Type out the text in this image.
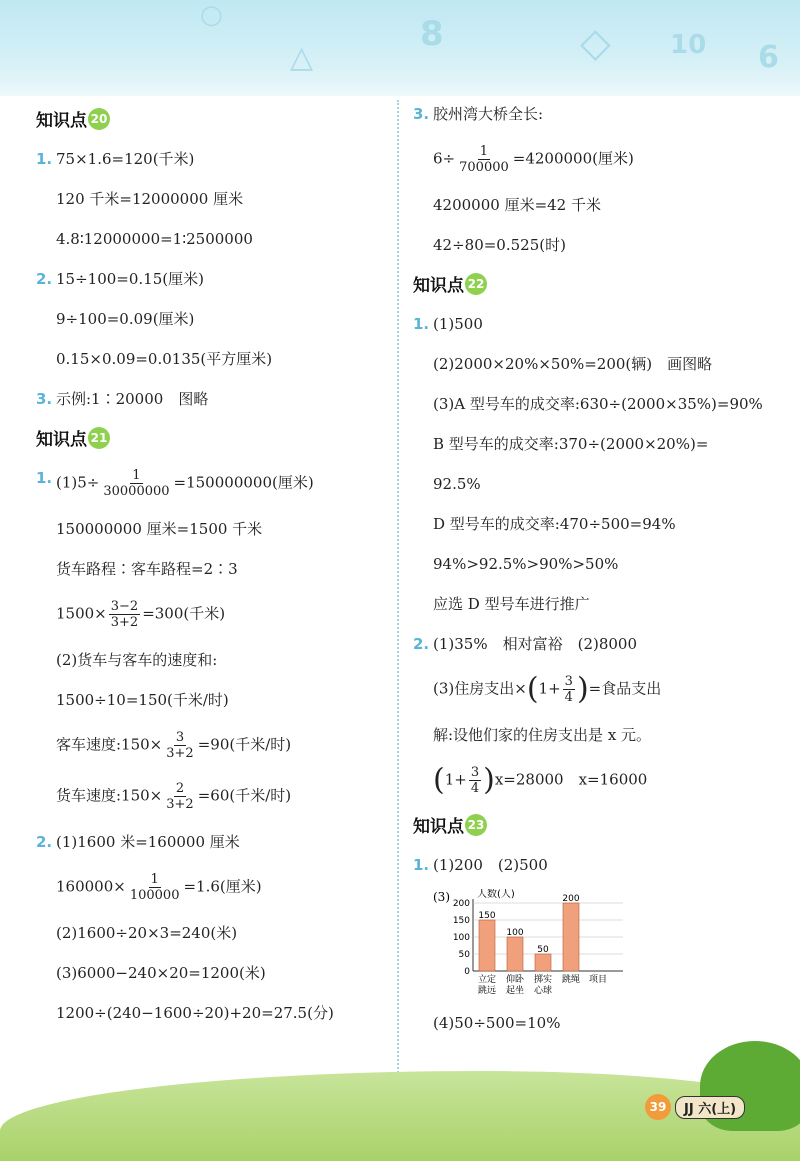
○	8	◇ 10 6
△
知识点 20

1. 75×1.6=120(千米)

120 千米=12000000 厘米

4.8∶12000000=1∶2500000

2. 15÷100=0.15(厘米)

9÷100=0.09(厘米)

0.15×0.09=0.0135(平方厘米)

3. 示例:1∶20000　图略

知识点 21

1. $(1)5\div \frac{1}{30000000} =150000000$(厘米)

150000000 厘米=1500 千米

货车路程∶客车路程=2∶3

$1500\times \frac{3-2}{3+2} =300$(千米)

(2)货车与客车的速度和:

1500÷10=150(千米/时)

客车速度:150× $\frac{3}{3+2} =90$(千米/时)

货车速度:150× $\frac{2}{3+2} =60$(千米/时)

2. (1)1600 米=160000 厘米

$160000\times \frac{1}{100000} =1.6$(厘米)

(2)1600÷20×3=240(米)

(3)6000−240×20=1200(米)

1200÷(240−1600÷20)+20=27.5(分)

3. 胶州湾大桥全长:

$6\div \frac{1}{700000} =4200000$(厘米)

4200000 厘米=42 千米

42÷80=0.525(时)

知识点 22

1. (1)500

(2)2000×20%×50%=200(辆)　画图略

(3)A 型号车的成交率:630÷(2000×35%)=90%

B 型号车的成交率:370÷(2000×20%)=

92.5%

D 型号车的成交率:470÷500=94%

94%>92.5%>90%>50%

应选 D 型号车进行推广

2. (1)35%　相对富裕　(2)8000

(3)住房支出$\times(1+ \frac{3}{4}$ )=食品支出

解:设他们家的住房支出是 x 元。

$(1+ \frac{3}{4} )x=28000$　x=16000

知识点 23

1. (1)200　(2)500

(3)	人数(人)
0
50
100
150
200
150
立定
跳远
100
仰卧
起坐
50
掷实
心球
200
跳绳 项目

(4)50÷500=10%

39	JJ 六(上)
